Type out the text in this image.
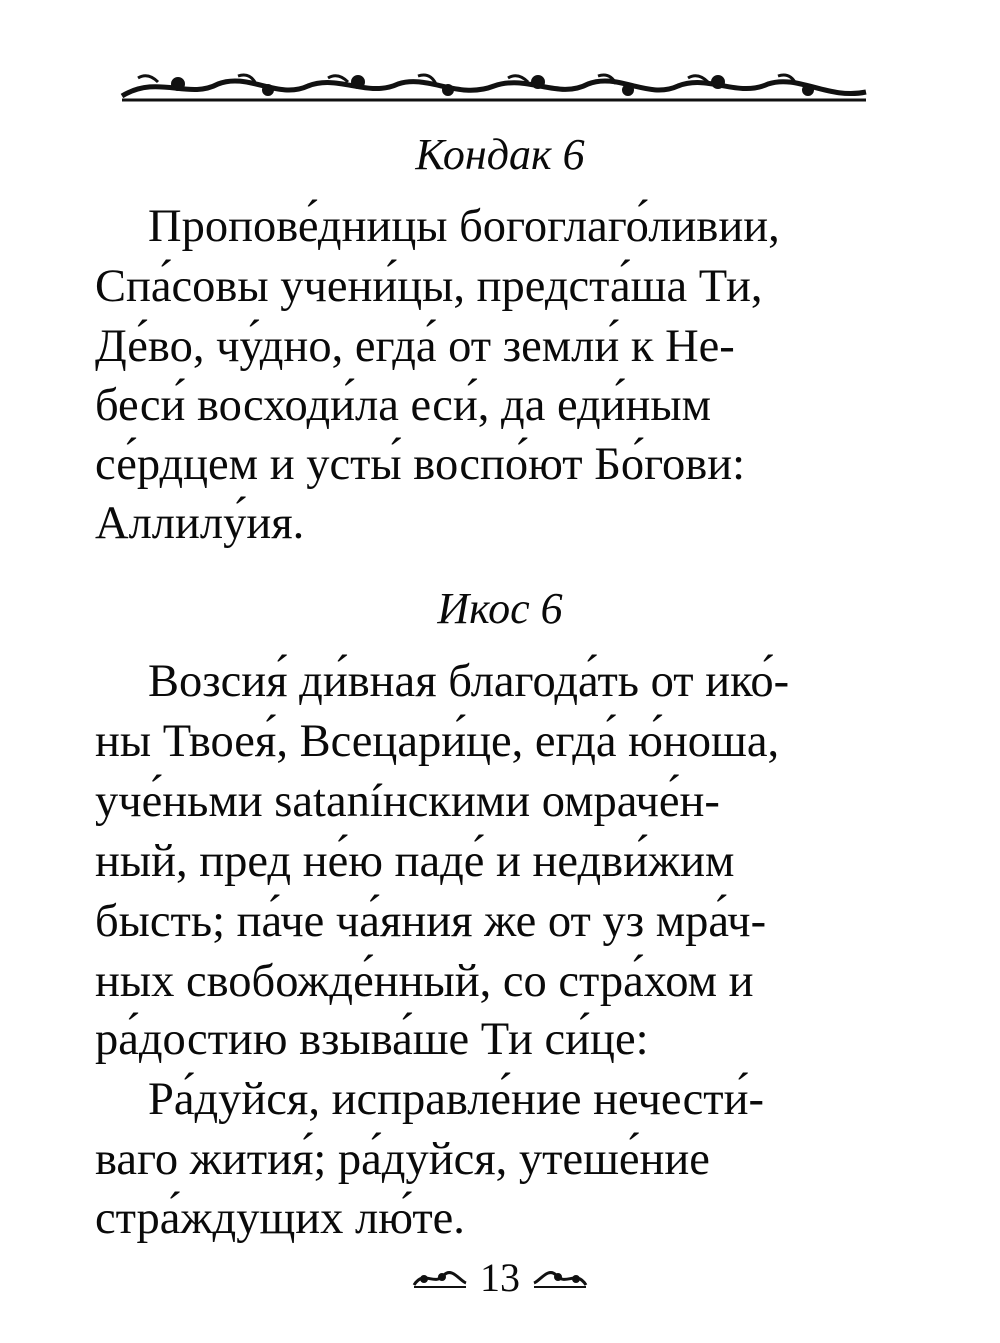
Кондак 6
Пропове́дницы богоглаго́ливии,
Спа́совы учени́цы, предста́ша Ти,
Де́во, чу́дно, егда́ от земли́ к Не-
беси́ восходи́ла еси́, да еди́ным
се́рдцем и усты́ воспо́ют Бо́гови:
Аллилу́ия.
Икос 6
Возсия́ ди́вная благода́ть от ико́-
ны Твоея́, Всецари́це, егда́ ю́ноша,
уче́ньми sataníнскими омраче́н-
ный, пред не́ю паде́ и недви́жим
бысть; па́че ча́яния же от уз мра́ч-
ных свобожде́нный, со стра́хом и
ра́достию взыва́ше Ти си́це:
Ра́дуйся, исправле́ние нечести́-
ваго жития́; ра́дуйся, утеше́ние
стра́ждущих лю́те.
13
